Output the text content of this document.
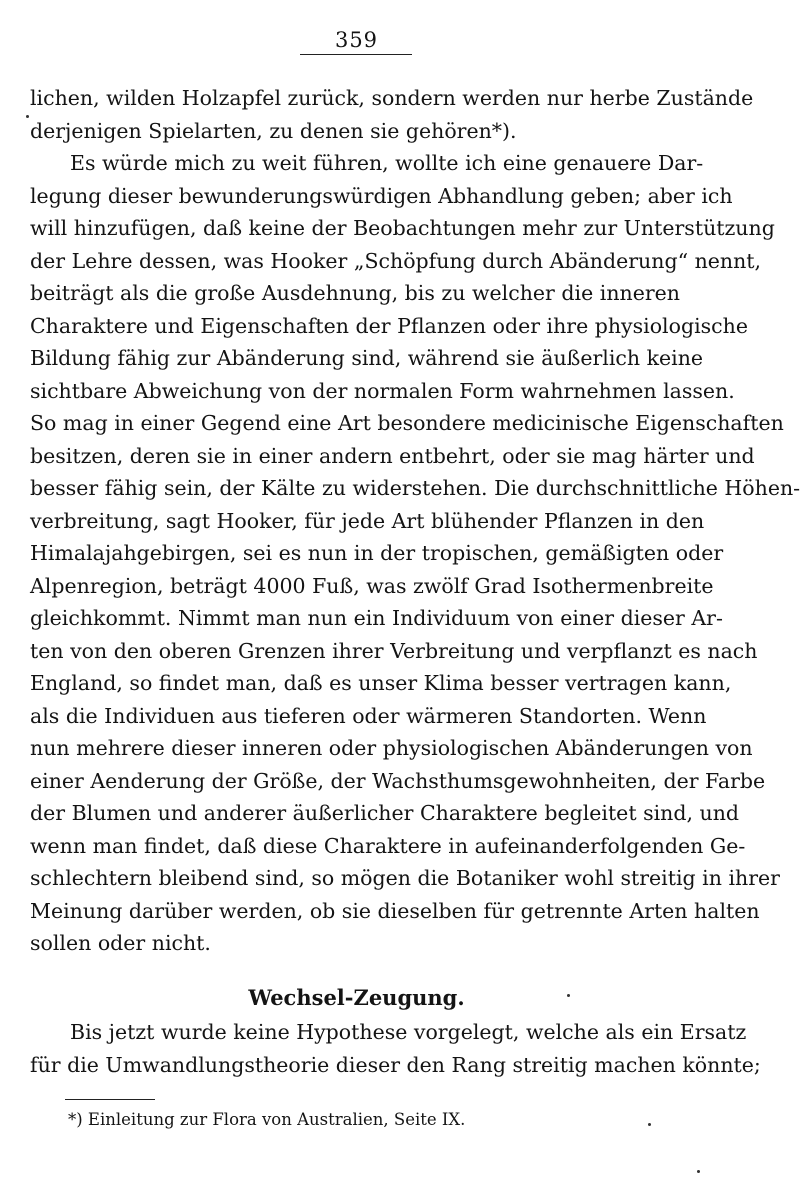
359
lichen, wilden Holzapfel zurück, sondern werden nur herbe Zustände
derjenigen Spielarten, zu denen sie gehören*).
Es würde mich zu weit führen, wollte ich eine genauere Dar-
legung dieser bewunderungswürdigen Abhandlung geben; aber ich
will hinzufügen, daß keine der Beobachtungen mehr zur Unterstützung
der Lehre dessen, was Hooker „Schöpfung durch Abänderung“ nennt,
beiträgt als die große Ausdehnung, bis zu welcher die inneren
Charaktere und Eigenschaften der Pflanzen oder ihre physiologische
Bildung fähig zur Abänderung sind, während sie äußerlich keine
sichtbare Abweichung von der normalen Form wahrnehmen lassen.
So mag in einer Gegend eine Art besondere medicinische Eigenschaften
besitzen, deren sie in einer andern entbehrt, oder sie mag härter und
besser fähig sein, der Kälte zu widerstehen. Die durchschnittliche Höhen-
verbreitung, sagt Hooker, für jede Art blühender Pflanzen in den
Himalajahgebirgen, sei es nun in der tropischen, gemäßigten oder
Alpenregion, beträgt 4000 Fuß, was zwölf Grad Isothermenbreite
gleichkommt. Nimmt man nun ein Individuum von einer dieser Ar-
ten von den oberen Grenzen ihrer Verbreitung und verpflanzt es nach
England, so findet man, daß es unser Klima besser vertragen kann,
als die Individuen aus tieferen oder wärmeren Standorten. Wenn
nun mehrere dieser inneren oder physiologischen Abänderungen von
einer Aenderung der Größe, der Wachsthumsgewohnheiten, der Farbe
der Blumen und anderer äußerlicher Charaktere begleitet sind, und
wenn man findet, daß diese Charaktere in aufeinanderfolgenden Ge-
schlechtern bleibend sind, so mögen die Botaniker wohl streitig in ihrer
Meinung darüber werden, ob sie dieselben für getrennte Arten halten
sollen oder nicht.
Wechsel-Zeugung.
Bis jetzt wurde keine Hypothese vorgelegt, welche als ein Ersatz
für die Umwandlungstheorie dieser den Rang streitig machen könnte;
*) Einleitung zur Flora von Australien, Seite IX.
